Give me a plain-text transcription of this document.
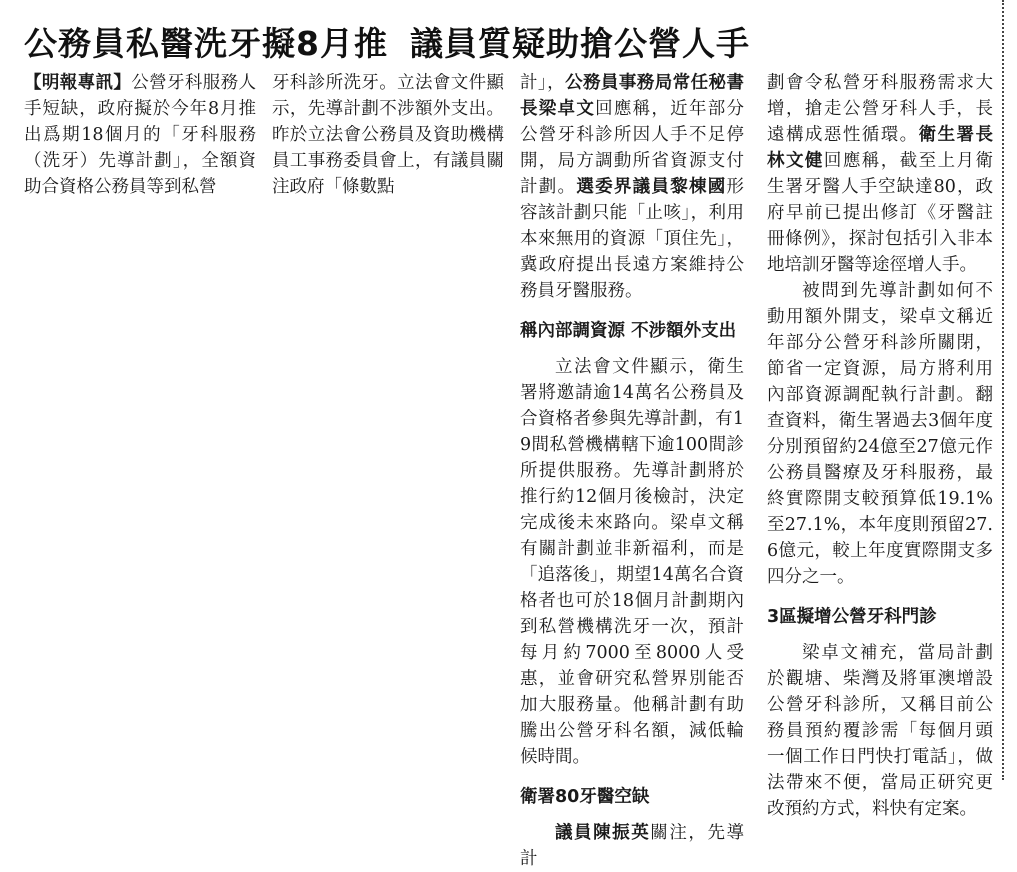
公務員私醫洗牙擬8月推 議員質疑助搶公營人手

【明報專訊】公營牙科服務人手短缺，政府擬於今年8月推出爲期18個月的「牙科服務（洗牙）先導計劃」，全額資助合資格公務員等到私營

牙科診所洗牙。立法會文件顯示，先導計劃不涉額外支出。昨於立法會公務員及資助機構員工事務委員會上，有議員關注政府「條數點

計」，公務員事務局常任秘書長梁卓文回應稱，近年部分公營牙科診所因人手不足停開，局方調動所省資源支付計劃。選委界議員黎棟國形容該計劃只能「止咳」，利用本來無用的資源「頂住先」，冀政府提出長遠方案維持公務員牙醫服務。

稱內部調資源 不涉額外支出

立法會文件顯示，衛生署將邀請逾14萬名公務員及合資格者參與先導計劃，有19間私營機構轄下逾100間診所提供服務。先導計劃將於推行約12個月後檢討，決定完成後未來路向。梁卓文稱有關計劃並非新福利，而是「追落後」，期望14萬名合資格者也可於18個月計劃期內到私營機構洗牙一次，預計每月約7000至8000人受惠，並會研究私營界別能否加大服務量。他稱計劃有助騰出公營牙科名額，減低輪候時間。

衛署80牙醫空缺

議員陳振英關注，先導計

劃會令私營牙科服務需求大增，搶走公營牙科人手，長遠構成惡性循環。衛生署長林文健回應稱，截至上月衛生署牙醫人手空缺達80，政府早前已提出修訂《牙醫註冊條例》，探討包括引入非本地培訓牙醫等途徑增人手。

被問到先導計劃如何不動用額外開支，梁卓文稱近年部分公營牙科診所關閉，節省一定資源，局方將利用內部資源調配執行計劃。翻查資料，衛生署過去3個年度分別預留約24億至27億元作公務員醫療及牙科服務，最終實際開支較預算低19.1%至27.1%，本年度則預留27.6億元，較上年度實際開支多四分之一。

3區擬增公營牙科門診

梁卓文補充，當局計劃於觀塘、柴灣及將軍澳增設公營牙科診所，又稱目前公務員預約覆診需「每個月頭一個工作日門快打電話」，做法帶來不便，當局正研究更改預約方式，料快有定案。
